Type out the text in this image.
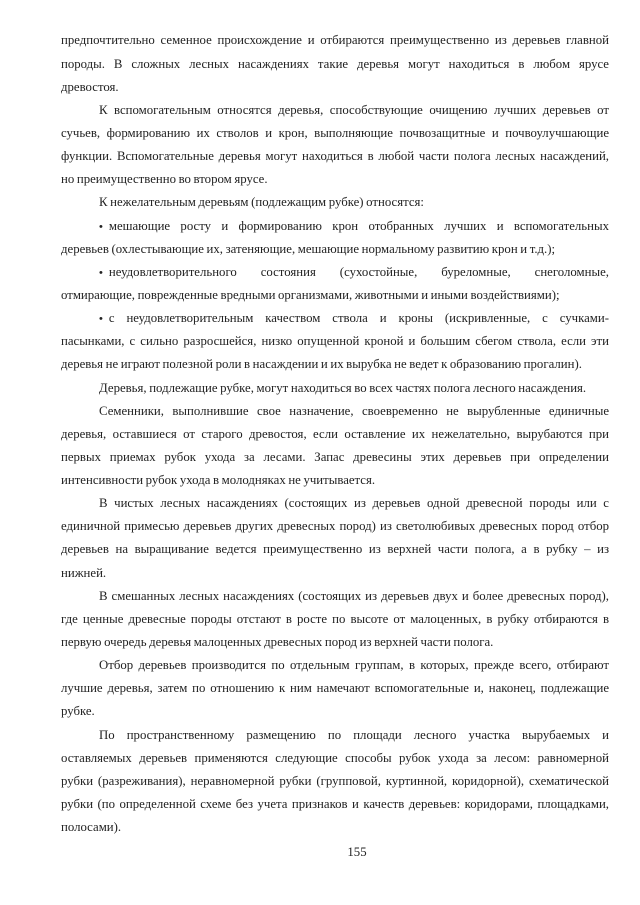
предпочтительно семенное происхождение и отбираются преимущественно из деревьев главной
породы. В сложных лесных насаждениях такие деревья могут находиться в любом ярусе
древостоя.
К вспомогательным относятся деревья, способствующие очищению лучших деревьев от
сучьев, формированию их стволов и крон, выполняющие почвозащитные и почвоулучшающие
функции. Вспомогательные деревья могут находиться в любой части полога лесных насаждений,
но преимущественно во втором ярусе.
К нежелательным деревьям (подлежащим рубке) относятся:
• мешающие росту и формированию крон отобранных лучших и вспомогательных
деревьев (охлестывающие их, затеняющие, мешающие нормальному развитию крон и т.д.);
• неудовлетворительного состояния (сухостойные, буреломные, снеголомные,
отмирающие, поврежденные вредными организмами, животными и иными воздействиями);
• с неудовлетворительным качеством ствола и кроны (искривленные, с сучками-
пасынками, с сильно разросшейся, низко опущенной кроной и большим сбегом ствола, если эти
деревья не играют полезной роли в насаждении и их вырубка не ведет к образованию прогалин).
Деревья, подлежащие рубке, могут находиться во всех частях полога лесного насаждения.
Семенники, выполнившие свое назначение, своевременно не вырубленные единичные
деревья, оставшиеся от старого древостоя, если оставление их нежелательно, вырубаются при
первых приемах рубок ухода за лесами. Запас древесины этих деревьев при определении
интенсивности рубок ухода в молодняках не учитывается.
В чистых лесных насаждениях (состоящих из деревьев одной древесной породы или с
единичной примесью деревьев других древесных пород) из светолюбивых древесных пород отбор
деревьев на выращивание ведется преимущественно из верхней части полога, а в рубку – из
нижней.
В смешанных лесных насаждениях (состоящих из деревьев двух и более древесных пород),
где ценные древесные породы отстают в росте по высоте от малоценных, в рубку отбираются в
первую очередь деревья малоценных древесных пород из верхней части полога.
Отбор деревьев производится по отдельным группам, в которых, прежде всего, отбирают
лучшие деревья, затем по отношению к ним намечают вспомогательные и, наконец, подлежащие
рубке.
По пространственному размещению по площади лесного участка вырубаемых и
оставляемых деревьев применяются следующие способы рубок ухода за лесом: равномерной
рубки (разреживания), неравномерной рубки (групповой, куртинной, коридорной), схематической
рубки (по определенной схеме без учета признаков и качеств деревьев: коридорами, площадками,
полосами).
155
